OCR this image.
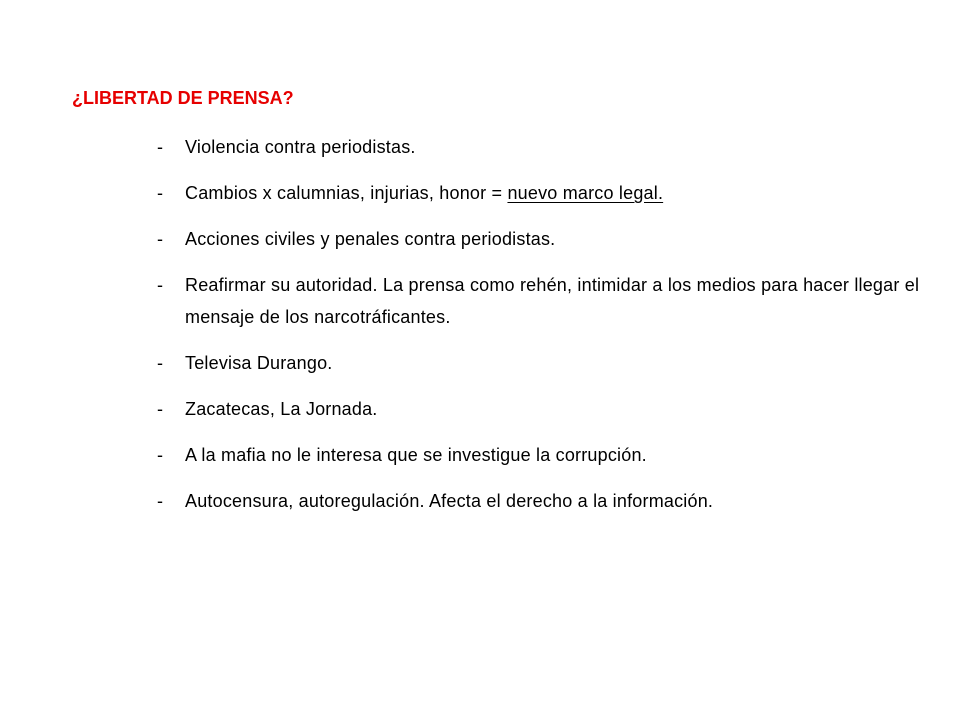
¿LIBERTAD DE PRENSA?
- Violencia contra periodistas.
- Cambios x calumnias, injurias, honor = nuevo marco legal.
- Acciones civiles y penales contra periodistas.
- Reafirmar su autoridad. La prensa como rehén, intimidar a los medios para hacer llegar el mensaje de los narcotráficantes.
- Televisa Durango.
- Zacatecas, La Jornada.
- A la mafia no le interesa que se investigue la corrupción.
- Autocensura, autoregulación. Afecta el derecho a la información.
